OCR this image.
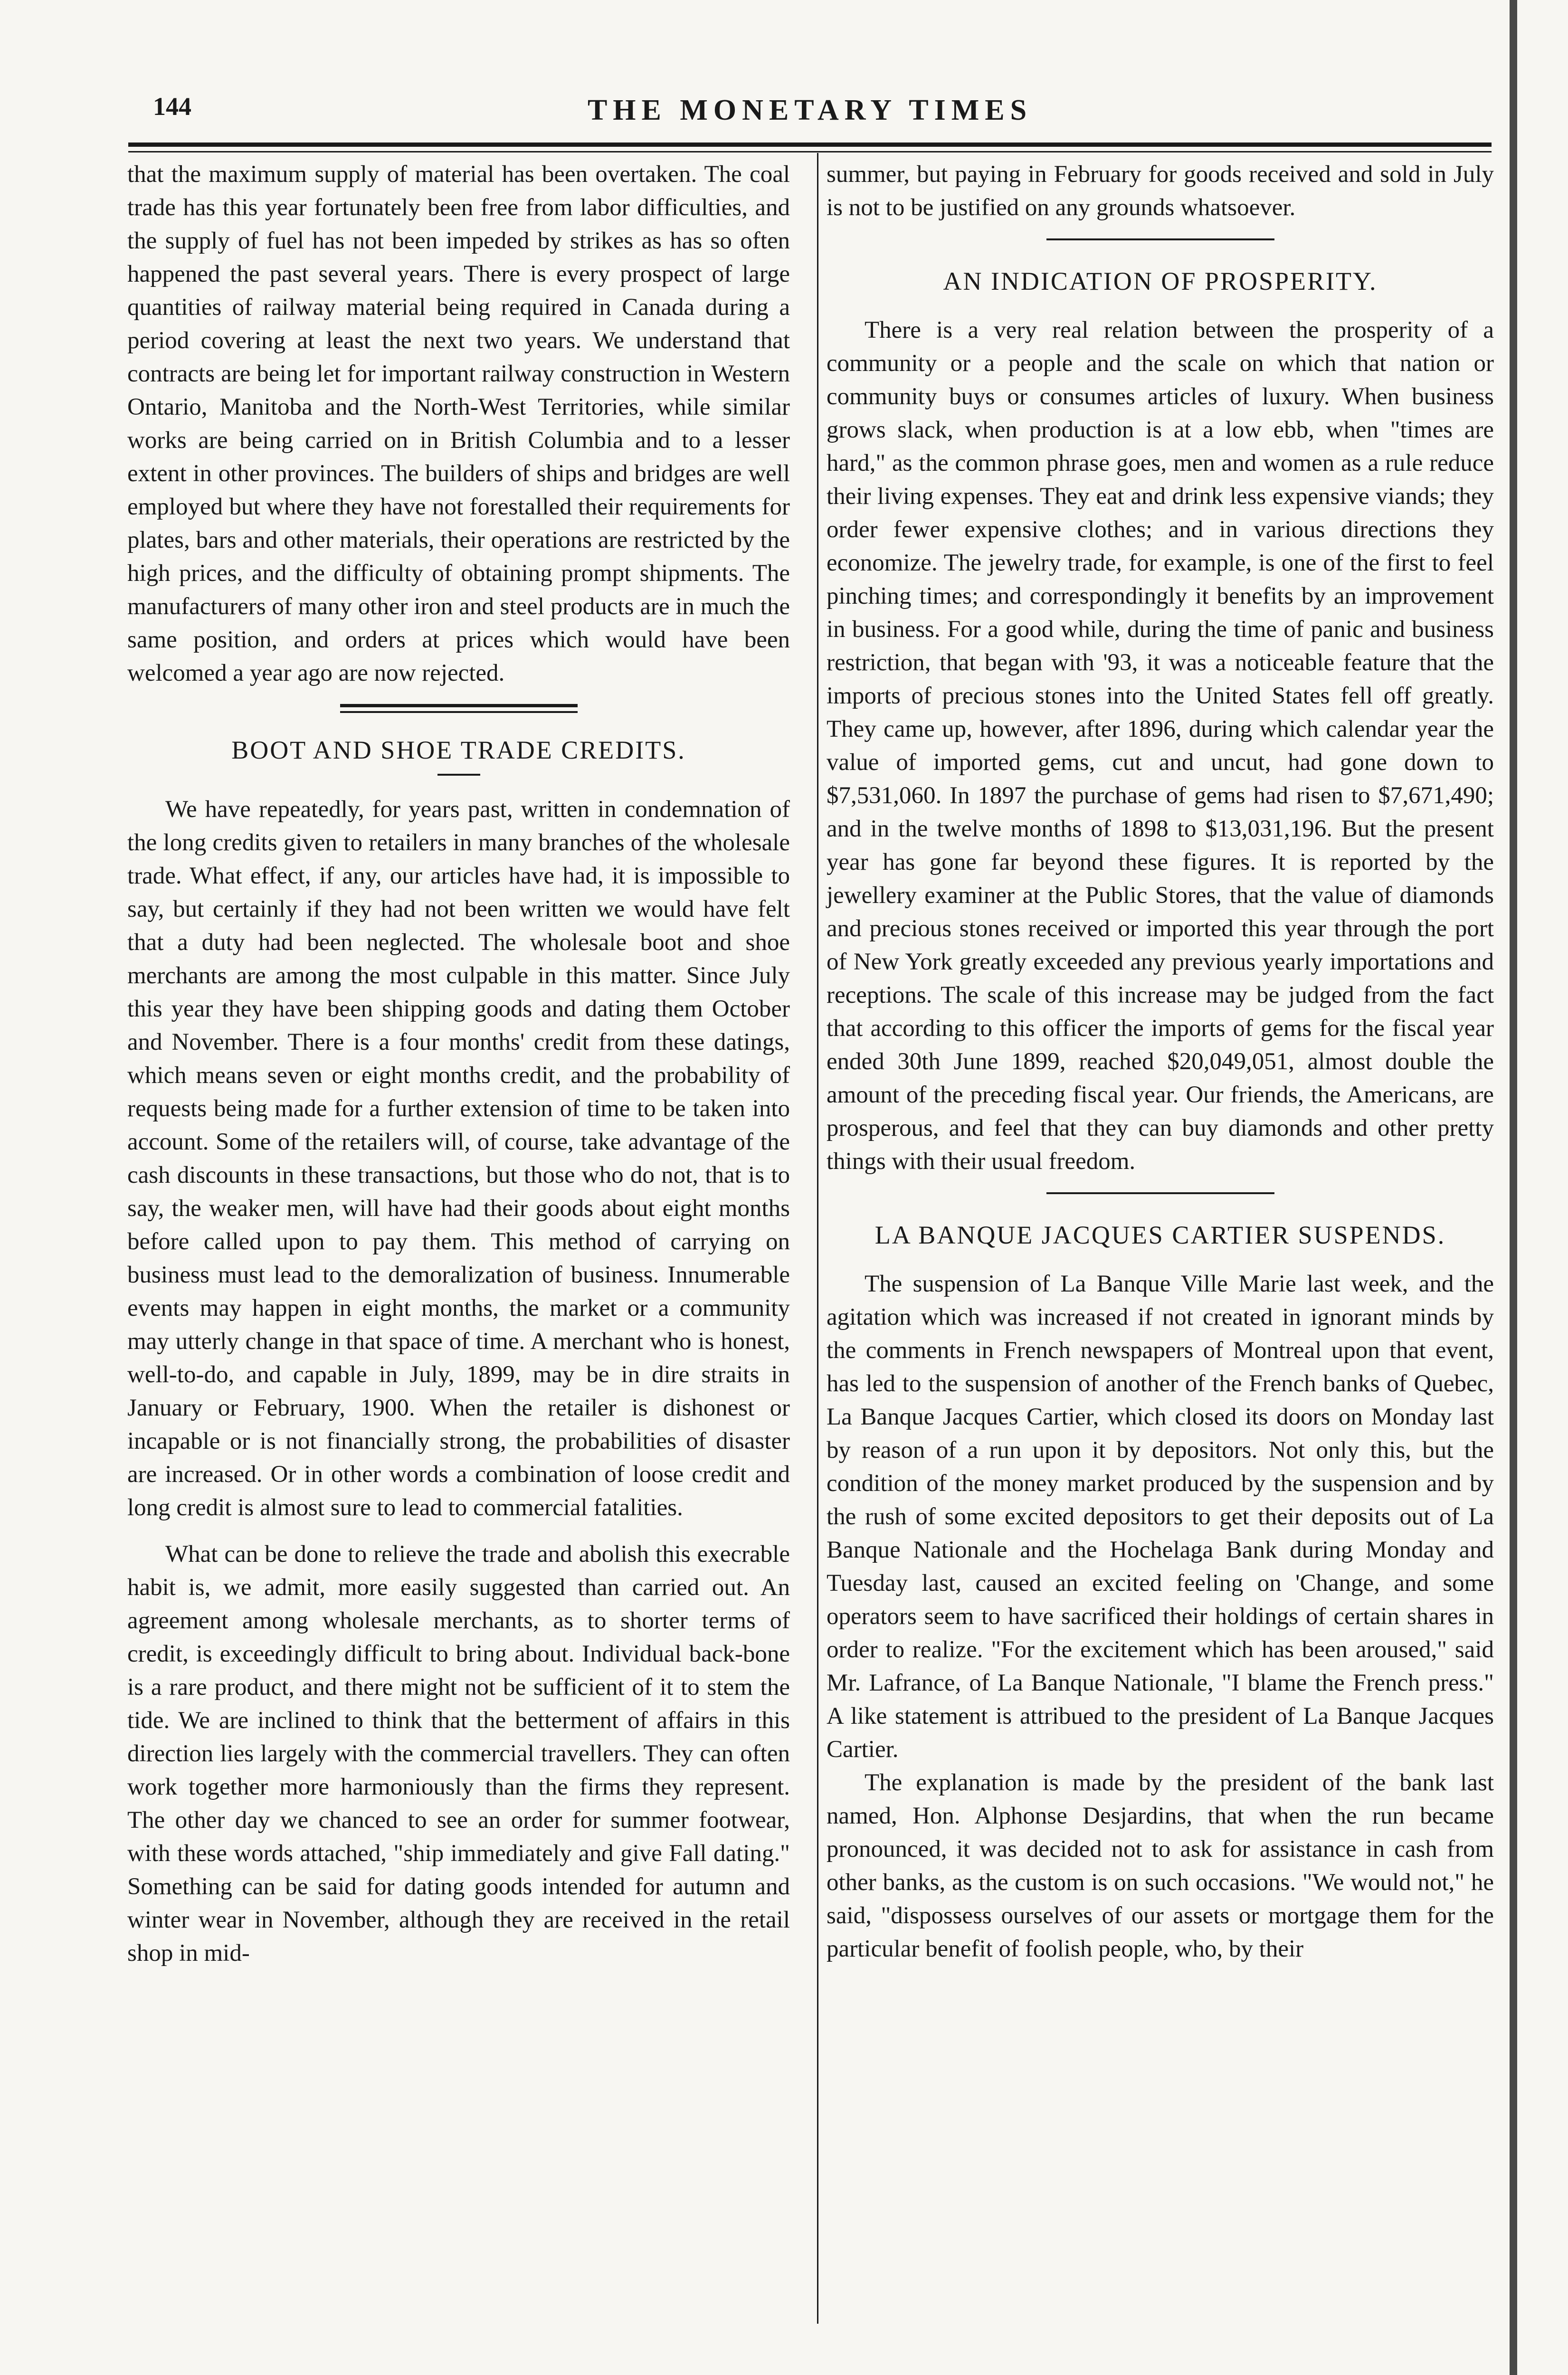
144	THE MONETARY TIMES

that the maximum supply of material has been overtaken. The coal trade has this year fortunately been free from labor difficulties, and the supply of fuel has not been impeded by strikes as has so often happened the past several years. There is every prospect of large quantities of railway material being required in Canada during a period covering at least the next two years. We understand that contracts are being let for important railway construction in Western Ontario, Manitoba and the North-West Territories, while similar works are being carried on in British Columbia and to a lesser extent in other provinces. The builders of ships and bridges are well employed but where they have not forestalled their requirements for plates, bars and other materials, their operations are restricted by the high prices, and the difficulty of obtaining prompt shipments. The manufacturers of many other iron and steel products are in much the same position, and orders at prices which would have been welcomed a year ago are now rejected.

BOOT AND SHOE TRADE CREDITS.

We have repeatedly, for years past, written in condemnation of the long credits given to retailers in many branches of the wholesale trade. What effect, if any, our articles have had, it is impossible to say, but certainly if they had not been written we would have felt that a duty had been neglected. The wholesale boot and shoe merchants are among the most culpable in this matter. Since July this year they have been shipping goods and dating them October and November. There is a four months' credit from these datings, which means seven or eight months credit, and the probability of requests being made for a further extension of time to be taken into account. Some of the retailers will, of course, take advantage of the cash discounts in these transactions, but those who do not, that is to say, the weaker men, will have had their goods about eight months before called upon to pay them. This method of carrying on business must lead to the demoralization of business. Innumerable events may happen in eight months, the market or a community may utterly change in that space of time. A merchant who is honest, well-to-do, and capable in July, 1899, may be in dire straits in January or February, 1900. When the retailer is dishonest or incapable or is not financially strong, the probabilities of disaster are increased. Or in other words a combination of loose credit and long credit is almost sure to lead to commercial fatalities.

What can be done to relieve the trade and abolish this execrable habit is, we admit, more easily suggested than carried out. An agreement among wholesale merchants, as to shorter terms of credit, is exceedingly difficult to bring about. Individual back-bone is a rare product, and there might not be sufficient of it to stem the tide. We are inclined to think that the betterment of affairs in this direction lies largely with the commercial travellers. They can often work together more harmoniously than the firms they represent. The other day we chanced to see an order for summer footwear, with these words attached, "ship immediately and give Fall dating." Something can be said for dating goods intended for autumn and winter wear in November, although they are received in the retail shop in mid-

summer, but paying in February for goods received and sold in July is not to be justified on any grounds whatsoever.

AN INDICATION OF PROSPERITY.

There is a very real relation between the prosperity of a community or a people and the scale on which that nation or community buys or consumes articles of luxury. When business grows slack, when production is at a low ebb, when "times are hard," as the common phrase goes, men and women as a rule reduce their living expenses. They eat and drink less expensive viands; they order fewer expensive clothes; and in various directions they economize. The jewelry trade, for example, is one of the first to feel pinching times; and correspondingly it benefits by an improvement in business. For a good while, during the time of panic and business restriction, that began with '93, it was a noticeable feature that the imports of precious stones into the United States fell off greatly. They came up, however, after 1896, during which calendar year the value of imported gems, cut and uncut, had gone down to $7,531,060. In 1897 the purchase of gems had risen to $7,671,490; and in the twelve months of 1898 to $13,031,196. But the present year has gone far beyond these figures. It is reported by the jewellery examiner at the Public Stores, that the value of diamonds and precious stones received or imported this year through the port of New York greatly exceeded any previous yearly importations and receptions. The scale of this increase may be judged from the fact that according to this officer the imports of gems for the fiscal year ended 30th June 1899, reached $20,049,051, almost double the amount of the preceding fiscal year. Our friends, the Americans, are prosperous, and feel that they can buy diamonds and other pretty things with their usual freedom.

LA BANQUE JACQUES CARTIER SUSPENDS.

The suspension of La Banque Ville Marie last week, and the agitation which was increased if not created in ignorant minds by the comments in French newspapers of Montreal upon that event, has led to the suspension of another of the French banks of Quebec, La Banque Jacques Cartier, which closed its doors on Monday last by reason of a run upon it by depositors. Not only this, but the condition of the money market produced by the suspension and by the rush of some excited depositors to get their deposits out of La Banque Nationale and the Hochelaga Bank during Monday and Tuesday last, caused an excited feeling on 'Change, and some operators seem to have sacrificed their holdings of certain shares in order to realize. "For the excitement which has been aroused," said Mr. Lafrance, of La Banque Nationale, "I blame the French press." A like statement is attribued to the president of La Banque Jacques Cartier.

The explanation is made by the president of the bank last named, Hon. Alphonse Desjardins, that when the run became pronounced, it was decided not to ask for assistance in cash from other banks, as the custom is on such occasions. "We would not," he said, "dispossess ourselves of our assets or mortgage them for the particular benefit of foolish people, who, by their
